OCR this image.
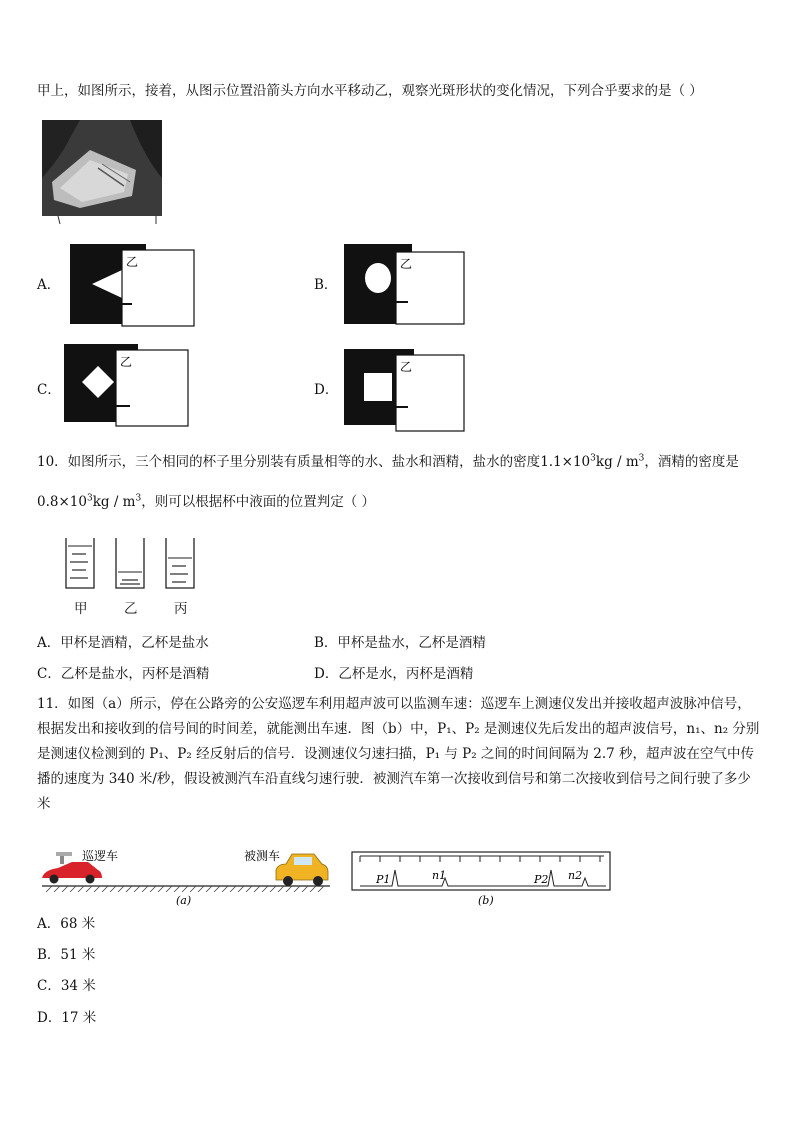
甲上，如图所示，接着，从图示位置沿箭头方向水平移动乙，观察光斑形状的变化情况，下列合乎要求的是（ ）
A．
乙
B．
乙
C．
乙
D．
乙
10．如图所示，三个相同的杯子里分别装有质量相等的水、盐水和酒精，盐水的密度$1.1\times 10^3kg / m^3$，酒精的密度是
$0.8\times 10^3kg / m^3$，则可以根据杯中液面的位置判定（ ）
甲	乙	丙
A．甲杯是酒精，乙杯是盐水	B．甲杯是盐水，乙杯是酒精
C．乙杯是盐水，丙杯是酒精	D．乙杯是水，丙杯是酒精
11．如图（a）所示，停在公路旁的公安巡逻车利用超声波可以监测车速：巡逻车上测速仪发出并接收超声波脉冲信号，根据发出和接收到的信号间的时间差，就能测出车速．图（b）中，P₁、P₂ 是测速仪先后发出的超声波信号，n₁、n₂ 分别是测速仪检测到的 P₁、P₂ 经反射后的信号．设测速仪匀速扫描，P₁ 与 P₂ 之间的时间间隔为 2.7 秒，超声波在空气中传播的速度为 340 米/秒，假设被测汽车沿直线匀速行驶．被测汽车第一次接收到信号和第二次接收到信号之间行驶了多少米
巡逻车	被测车
(a)
P1	n1	P2 n2
(b)
A．68 米
B．51 米
C．34 米
D．17 米
